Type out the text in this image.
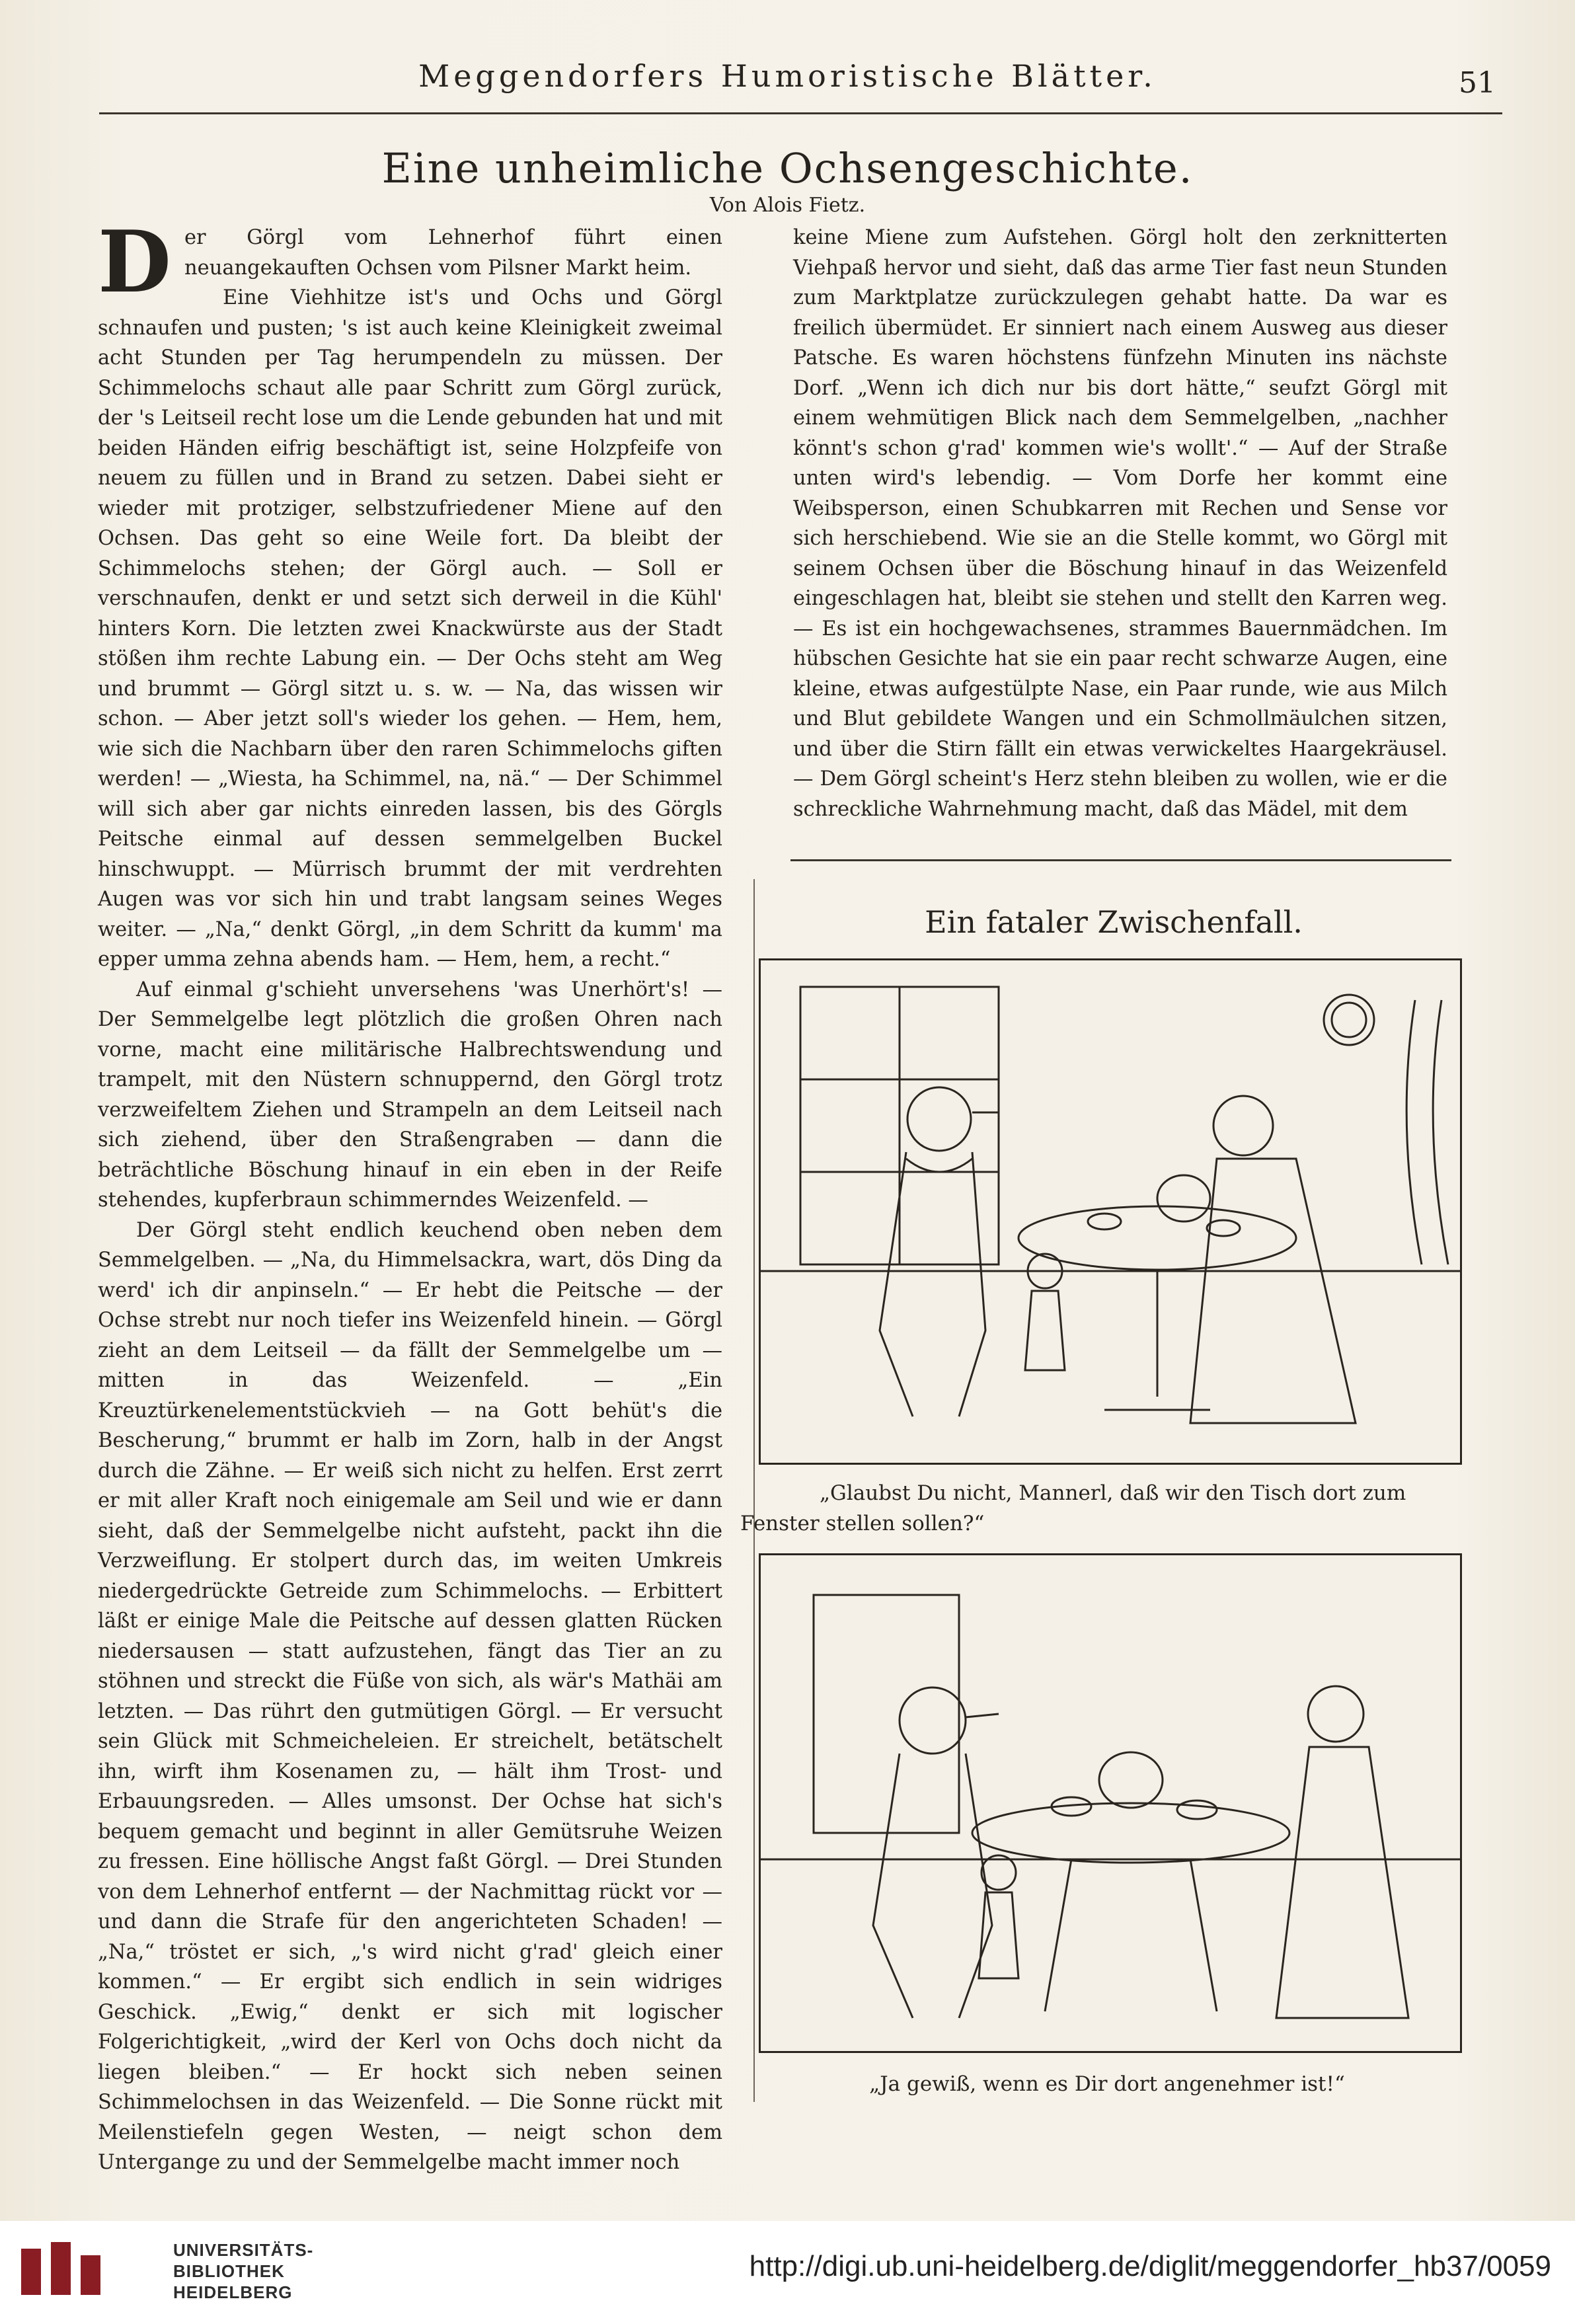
Meggendorfers Humoristische Blätter.	51
Eine unheimliche Ochsengeschichte.
Von Alois Fietz.

Der Görgl vom Lehnerhof führt einen neuangekauften Ochsen vom Pilsner Markt heim.

Eine Viehhitze ist's und Ochs und Görgl schnaufen und pusten; 's ist auch keine Kleinigkeit zweimal acht Stunden per Tag herumpendeln zu müssen. Der Schimmelochs schaut alle paar Schritt zum Görgl zurück, der 's Leitseil recht lose um die Lende gebunden hat und mit beiden Händen eifrig beschäftigt ist, seine Holzpfeife von neuem zu füllen und in Brand zu setzen. Dabei sieht er wieder mit protziger, selbstzufriedener Miene auf den Ochsen. Das geht so eine Weile fort. Da bleibt der Schimmelochs stehen; der Görgl auch. — Soll er verschnaufen, denkt er und setzt sich derweil in die Kühl' hinters Korn. Die letzten zwei Knackwürste aus der Stadt stößen ihm rechte Labung ein. — Der Ochs steht am Weg und brummt — Görgl sitzt u. s. w. — Na, das wissen wir schon. — Aber jetzt soll's wieder los gehen. — Hem, hem, wie sich die Nachbarn über den raren Schimmelochs giften werden! — „Wiesta, ha Schimmel, na, nä.“ — Der Schimmel will sich aber gar nichts einreden lassen, bis des Görgls Peitsche einmal auf dessen semmelgelben Buckel hinschwuppt. — Mürrisch brummt der mit verdrehten Augen was vor sich hin und trabt langsam seines Weges weiter. — „Na,“ denkt Görgl, „in dem Schritt da kumm' ma epper umma zehna abends ham. — Hem, hem, a recht.“

Auf einmal g'schieht unversehens 'was Unerhört's! — Der Semmelgelbe legt plötzlich die großen Ohren nach vorne, macht eine militärische Halbrechtswendung und trampelt, mit den Nüstern schnuppernd, den Görgl trotz verzweifeltem Ziehen und Strampeln an dem Leitseil nach sich ziehend, über den Straßengraben — dann die beträchtliche Böschung hinauf in ein eben in der Reife stehendes, kupferbraun schimmerndes Weizenfeld. —

Der Görgl steht endlich keuchend oben neben dem Semmelgelben. — „Na, du Himmelsackra, wart, dös Ding da werd' ich dir anpinseln.“ — Er hebt die Peitsche — der Ochse strebt nur noch tiefer ins Weizenfeld hinein. — Görgl zieht an dem Leitseil — da fällt der Semmelgelbe um — mitten in das Weizenfeld. — „Ein Kreuztürkenelementstückvieh — na Gott behüt's die Bescherung,“ brummt er halb im Zorn, halb in der Angst durch die Zähne. — Er weiß sich nicht zu helfen. Erst zerrt er mit aller Kraft noch einigemale am Seil und wie er dann sieht, daß der Semmelgelbe nicht aufsteht, packt ihn die Verzweiflung. Er stolpert durch das, im weiten Umkreis niedergedrückte Getreide zum Schimmelochs. — Erbittert läßt er einige Male die Peitsche auf dessen glatten Rücken niedersausen — statt aufzustehen, fängt das Tier an zu stöhnen und streckt die Füße von sich, als wär's Mathäi am letzten. — Das rührt den gutmütigen Görgl. — Er versucht sein Glück mit Schmeicheleien. Er streichelt, betätschelt ihn, wirft ihm Kosenamen zu, — hält ihm Trost- und Erbauungsreden. — Alles umsonst. Der Ochse hat sich's bequem gemacht und beginnt in aller Gemütsruhe Weizen zu fressen. Eine höllische Angst faßt Görgl. — Drei Stunden von dem Lehnerhof entfernt — der Nachmittag rückt vor — und dann die Strafe für den angerichteten Schaden! — „Na,“ tröstet er sich, „'s wird nicht g'rad' gleich einer kommen.“ — Er ergibt sich endlich in sein widriges Geschick. „Ewig,“ denkt er sich mit logischer Folgerichtigkeit, „wird der Kerl von Ochs doch nicht da liegen bleiben.“ — Er hockt sich neben seinen Schimmelochsen in das Weizenfeld. — Die Sonne rückt mit Meilenstiefeln gegen Westen, — neigt schon dem Untergange zu und der Semmelgelbe macht immer noch

keine Miene zum Aufstehen. Görgl holt den zerknitterten Viehpaß hervor und sieht, daß das arme Tier fast neun Stunden zum Marktplatze zurückzulegen gehabt hatte. Da war es freilich übermüdet. Er sinniert nach einem Ausweg aus dieser Patsche. Es waren höchstens fünfzehn Minuten ins nächste Dorf. „Wenn ich dich nur bis dort hätte,“ seufzt Görgl mit einem wehmütigen Blick nach dem Semmelgelben, „nachher könnt's schon g'rad' kommen wie's wollt'.“ — Auf der Straße unten wird's lebendig. — Vom Dorfe her kommt eine Weibsperson, einen Schubkarren mit Rechen und Sense vor sich herschiebend. Wie sie an die Stelle kommt, wo Görgl mit seinem Ochsen über die Böschung hinauf in das Weizenfeld eingeschlagen hat, bleibt sie stehen und stellt den Karren weg. — Es ist ein hochgewachsenes, strammes Bauernmädchen. Im hübschen Gesichte hat sie ein paar recht schwarze Augen, eine kleine, etwas aufgestülpte Nase, ein Paar runde, wie aus Milch und Blut gebildete Wangen und ein Schmollmäulchen sitzen, und über die Stirn fällt ein etwas verwickeltes Haargekräusel. — Dem Görgl scheint's Herz stehn bleiben zu wollen, wie er die schreckliche Wahrnehmung macht, daß das Mädel, mit dem

Ein fataler Zwischenfall.
„Glaubst Du nicht, Mannerl, daß wir den Tisch dort zum Fenster stellen sollen?“
„Ja gewiß, wenn es Dir dort angenehmer ist!“
UNIVERSITÄTS-
BIBLIOTHEK
HEIDELBERG
http://digi.ub.uni-heidelberg.de/diglit/meggendorfer_hb37/0059
